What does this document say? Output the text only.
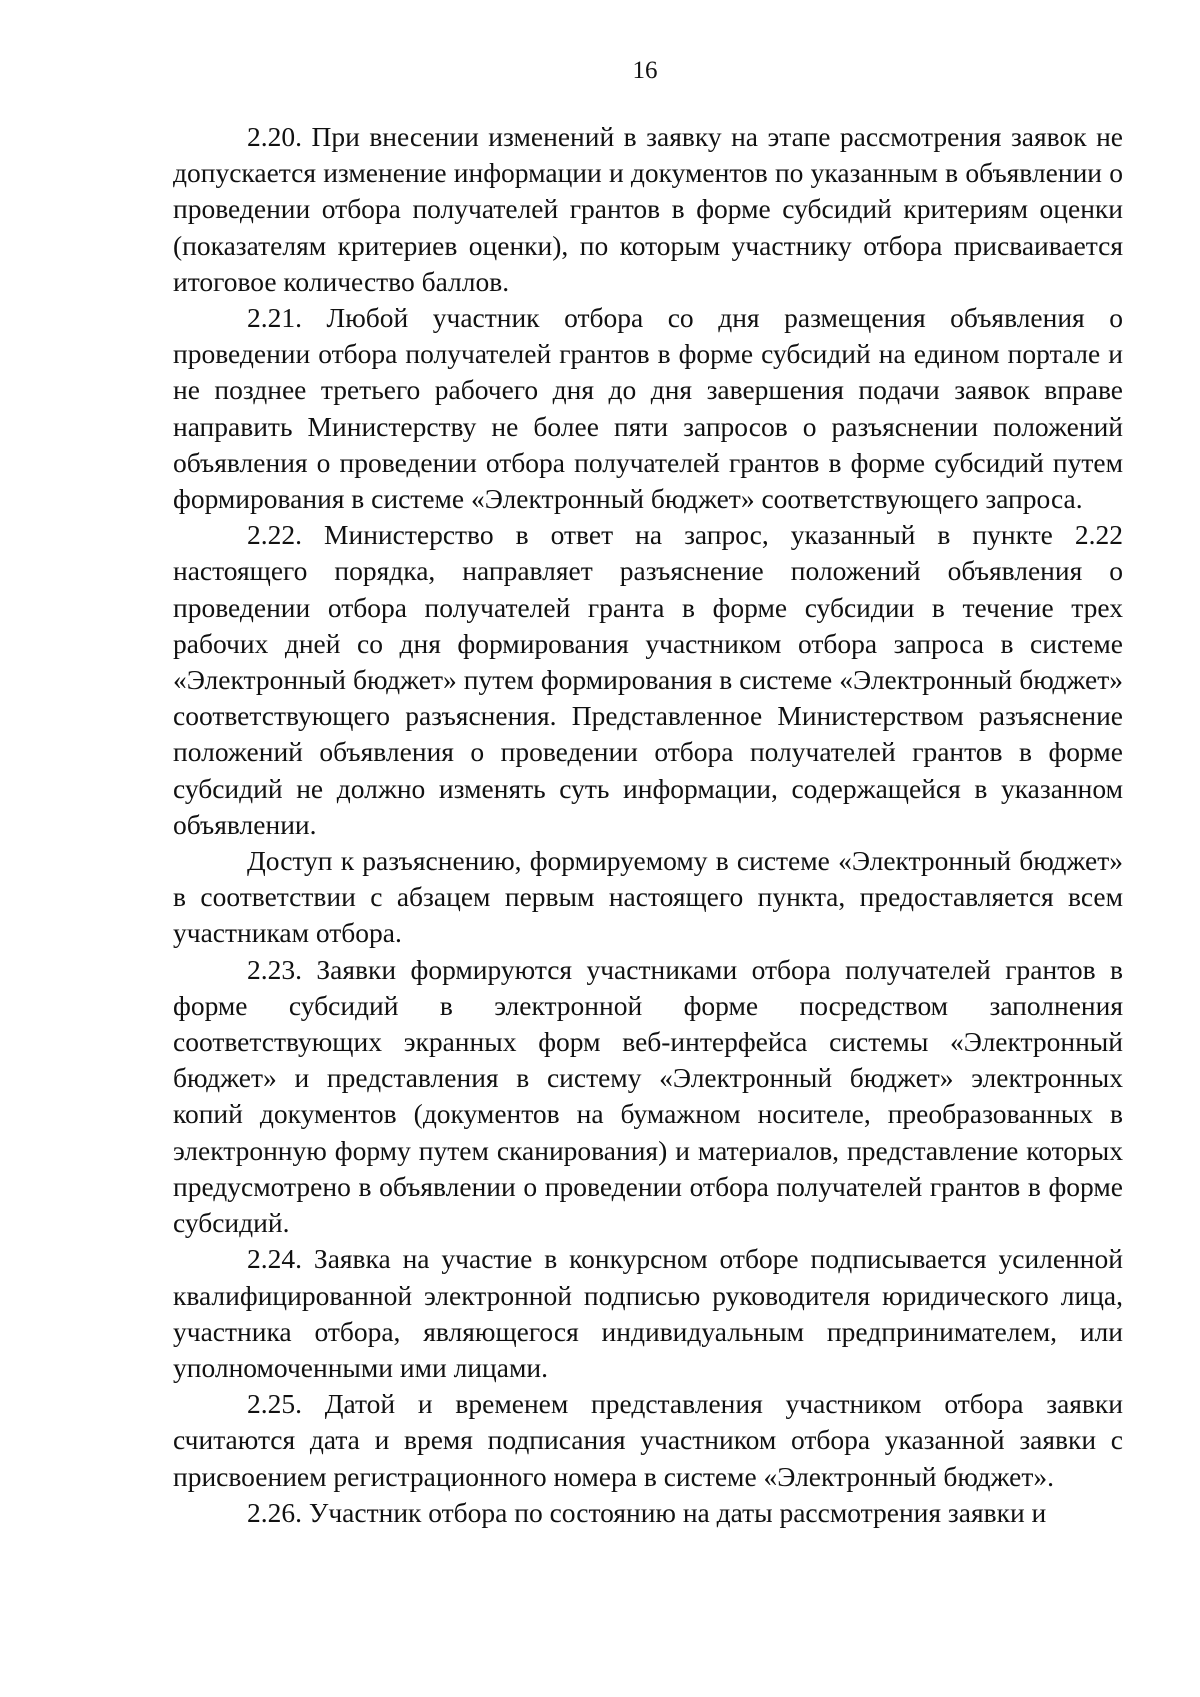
16

2.20. При внесении изменений в заявку на этапе рассмотрения заявок не допускается изменение информации и документов по указанным в объявлении о проведении отбора получателей грантов в форме субсидий критериям оценки (показателям критериев оценки), по которым участнику отбора присваивается итоговое количество баллов.

2.21. Любой участник отбора со дня размещения объявления о проведении отбора получателей грантов в форме субсидий на едином портале и не позднее третьего рабочего дня до дня завершения подачи заявок вправе направить Министерству не более пяти запросов о разъяснении положений объявления о проведении отбора получателей грантов в форме субсидий путем формирования в системе «Электронный бюджет» соответствующего запроса.

2.22. Министерство в ответ на запрос, указанный в пункте 2.22 настоящего порядка, направляет разъяснение положений объявления о проведении отбора получателей гранта в форме субсидии в течение трех рабочих дней со дня формирования участником отбора запроса в системе «Электронный бюджет» путем формирования в системе «Электронный бюджет» соответствующего разъяснения. Представленное Министерством разъяснение положений объявления о проведении отбора получателей грантов в форме субсидий не должно изменять суть информации, содержащейся в указанном объявлении.

Доступ к разъяснению, формируемому в системе «Электронный бюджет» в соответствии с абзацем первым настоящего пункта, предоставляется всем участникам отбора.

2.23. Заявки формируются участниками отбора получателей грантов в форме субсидий в электронной форме посредством заполнения соответствующих экранных форм веб-интерфейса системы «Электронный бюджет» и представления в систему «Электронный бюджет» электронных копий документов (документов на бумажном носителе, преобразованных в электронную форму путем сканирования) и материалов, представление которых предусмотрено в объявлении о проведении отбора получателей грантов в форме субсидий.

2.24. Заявка на участие в конкурсном отборе подписывается усиленной квалифицированной электронной подписью руководителя юридического лица, участника отбора, являющегося индивидуальным предпринимателем, или уполномоченными ими лицами.

2.25. Датой и временем представления участником отбора заявки считаются дата и время подписания участником отбора указанной заявки с присвоением регистрационного номера в системе «Электронный бюджет».

2.26. Участник отбора по состоянию на даты рассмотрения заявки и
